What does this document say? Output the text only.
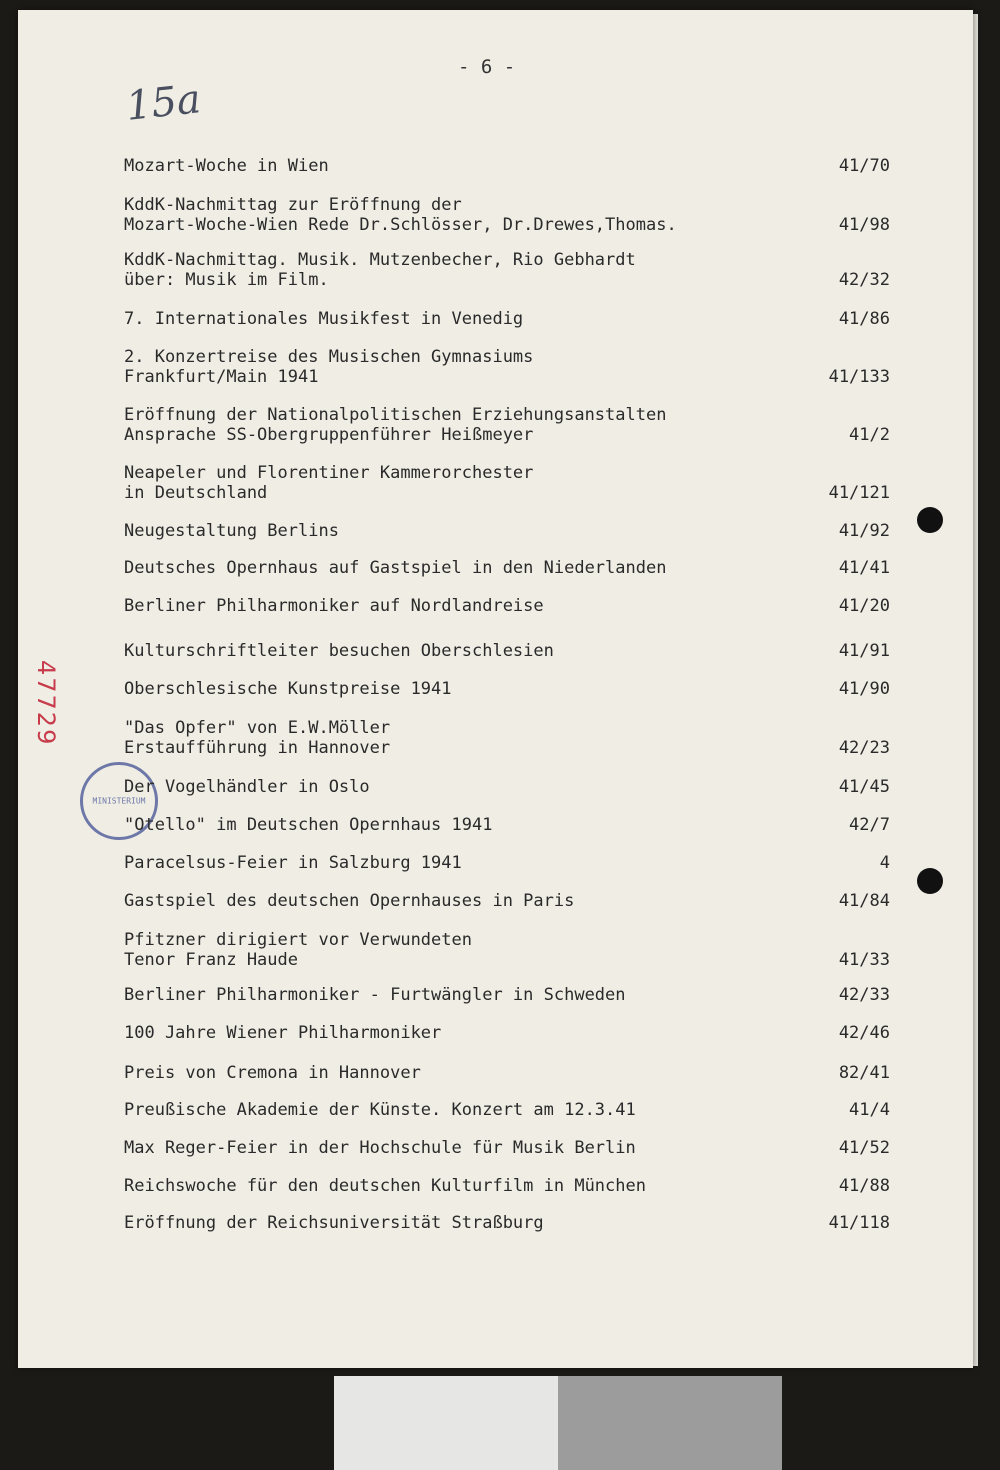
- 6 -
15a
47729
MINISTERIUM
Mozart-Woche in Wien	41/70
KddK-Nachmittag zur Eröffnung der
Mozart-Woche-Wien Rede Dr.Schlösser, Dr.Drewes,Thomas.	41/98
KddK-Nachmittag. Musik. Mutzenbecher, Rio Gebhardt
über: Musik im Film.	42/32
7. Internationales Musikfest in Venedig	41/86
2. Konzertreise des Musischen Gymnasiums
Frankfurt/Main 1941	41/133
Eröffnung der Nationalpolitischen Erziehungsanstalten
Ansprache SS-Obergruppenführer Heißmeyer	41/2
Neapeler und Florentiner Kammerorchester
in Deutschland	41/121
Neugestaltung Berlins	41/92
Deutsches Opernhaus auf Gastspiel in den Niederlanden	41/41
Berliner Philharmoniker auf Nordlandreise	41/20
Kulturschriftleiter besuchen Oberschlesien	41/91
Oberschlesische Kunstpreise 1941	41/90
"Das Opfer" von E.W.Möller
Erstaufführung in Hannover	42/23
Der Vogelhändler in Oslo	41/45
"Otello" im Deutschen Opernhaus 1941	42/7
Paracelsus-Feier in Salzburg 1941	4
Gastspiel des deutschen Opernhauses in Paris	41/84
Pfitzner dirigiert vor Verwundeten
Tenor Franz Haude	41/33
Berliner Philharmoniker - Furtwängler in Schweden	42/33
100 Jahre Wiener Philharmoniker	42/46
Preis von Cremona in Hannover	82/41
Preußische Akademie der Künste. Konzert am 12.3.41	41/4
Max Reger-Feier in der Hochschule für Musik Berlin	41/52
Reichswoche für den deutschen Kulturfilm in München	41/88
Eröffnung der Reichsuniversität Straßburg	41/118
